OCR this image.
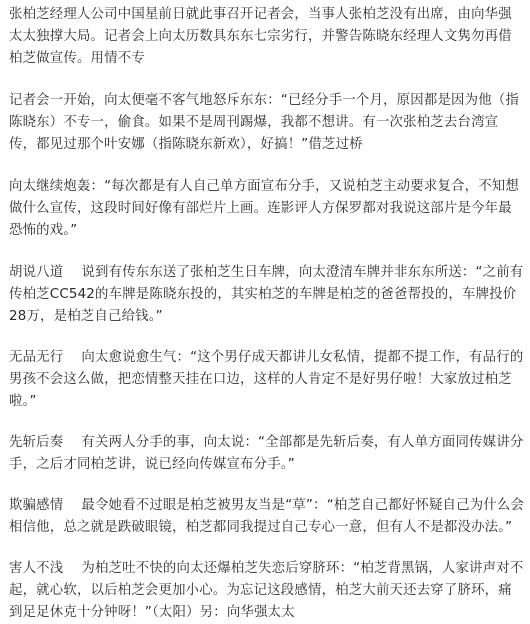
张柏芝经理人公司中国星前日就此事召开记者会，当事人张柏芝没有出席，由向华强太太独撑大局。记者会上向太历数具东东七宗劣行，并警告陈晓东经理人文隽勿再借柏芝做宣传。用情不专

记者会一开始，向太便毫不客气地怒斥东东：“已经分手一个月，原因都是因为他（指陈晓东）不专一，偷食。如果不是周刊踢爆，我都不想讲。有一次张柏芝去台湾宣传，都见过那个叶安娜（指陈晓东新欢），好搞！”借芝过桥

向太继续炮轰：“每次都是有人自己单方面宣布分手，又说柏芝主动要求复合，不知想做什么宣传，这段时间好像有部烂片上画。连影评人方保罗都对我说这部片是今年最恐怖的戏。”

胡说八道 说到有传东东送了张柏芝生日车牌，向太澄清车牌并非东东所送：“之前有传柏芝CC542的车牌是陈晓东投的，其实柏芝的车牌是柏芝的爸爸帮投的，车牌投价28万，是柏芝自己给钱。”

无品无行 向太愈说愈生气：“这个男仔成天都讲儿女私情，提都不提工作，有品行的男孩不会这么做，把恋情整天挂在口边，这样的人肯定不是好男仔啦！大家放过柏芝啦。”

先斩后奏 有关两人分手的事，向太说：“全部都是先斩后奏，有人单方面同传媒讲分手，之后才同柏芝讲，说已经向传媒宣布分手。”

欺骗感情 最令她看不过眼是柏芝被男友当是“草”：“柏芝自己都好怀疑自己为什么会相信他，总之就是跌破眼镜，柏芝都同我提过自己专心一意，但有人不是都没办法。”

害人不浅 为柏芝吐不快的向太还爆柏芝失恋后穿脐环：“柏芝背黑锅，人家讲声对不起，就心软，以后柏芝会更加小心。为忘记这段感情，柏芝大前天还去穿了脐环，痛到足足休克十分钟呀！”（太阳）另：向华强太太
